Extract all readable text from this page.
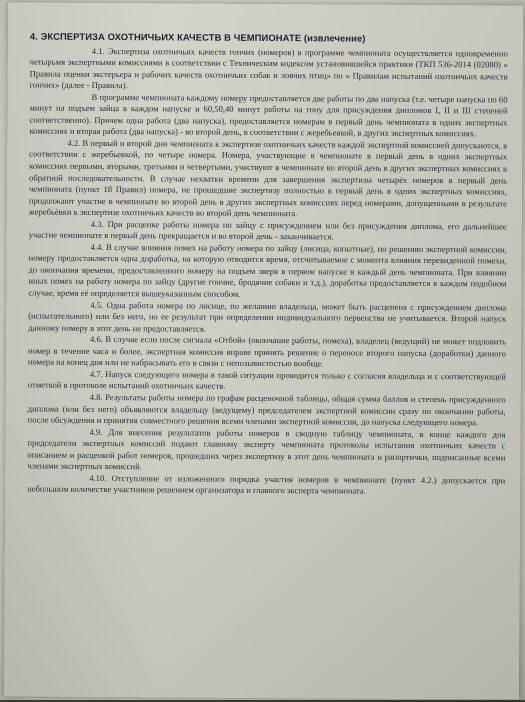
4. ЭКСПЕРТИЗА ОХОТНИЧЬИХ КАЧЕСТВ В ЧЕМПИОНАТЕ (извлечение)

4.1. Экспертиза охотничьих качеств гончих (номеров) в программе чемпионата осуществляется одновременно четырьмя экспертными комиссиями в соответствии с Техническим кодексом установившейся практики (ТКП 536-2014 (02080) « Правила оценки экстерьера и рабочих качеств охотничьих собак и ловчих птиц» по « Правилам испытаний охотничьих качеств гончих» (далее - Правила).

В программе чемпионата каждому номеру предоставляется две работы по два напуска (т.е. четыре напуска по 60 минут на подъем зайца в каждом напуске и 60,50,40 минут работы на гону для присуждения дипломов I, II и III степеней соответственно). Причем одна работа (два напуска), предоставляется номерам в первый день чемпионата в одних экспертных комиссиях и вторая работа (два напуска) - во второй день, в соответствии с жеребьевкой, в других экспертных комиссиях.

4.2. В первый и второй дни чемпионата к экспертизе охотничьих качеств каждой экспертной комиссией допускаются, в соответствии с жеребьевкой, по четыре номера. Номера, участвующие в чемпионате в первый день в одних экспертных комиссиях первыми, вторыми, третьими и четвертыми, участвуют в чемпионате во второй день в других экспертных комиссиях в обратной последовательности. В случае нехватки времени для завершения экспертизы четырёх номеров в первый день чемпионата (пункт 18 Правил) номера, не прошедшие экспертизу полностью в первый день в одних экспертных комиссиях, продолжают участие в чемпионате во второй день в других экспертных комиссиях перед номерами, допущенными в результате жеребьёвки к экспертизе охотничьих качеств во второй день чемпионата.

4.3. При расценке работы номера по зайцу с присуждением или без присуждения диплома, его дальнейшее участие чемпионате в первый день прекращается и во второй день - заканчивается.

4.4. В случае влияния помех на работу номера по зайцу (лисица, копытные), по решению экспертной комиссии, номеру предоставляется одна доработка, на которую отводится время, отсчитываемое с момента влияния перевиденной помехи, до окончания времени, предоставленного номеру на подъем зверя в первом напуске в каждый день чемпионата. При влиянии иных помех на работу номера по зайцу (другие гончие, бродячие собаки и т.д.), доработка предоставляется в каждом подобном случае, время её определяется вышеуказанным способом.

4.5. Одна работа номера по лисице, по желанию владельца, может быть расценена с присуждением диплома (испытательного) или без него, но ее результат при определении индивидуального первенства не учитывается. Второй напуск данному номеру в этот день не предоставляется.

4.6. В случае если после сигнала «Отбой» (окончание работы, помеха), владелец (ведущий) не может подловить номер в течение часа и более, экспертная комиссия вправе принять решение о переносе второго напуска (доработки) данного номера на конец дня или не набрасывать его в связи с непозывистостью вообще.

4.7. Напуск следующего номера в такой ситуации проводится только с согласия владельца и с соответствующей отметкой в протоколе испытаний охотничьих качеств.

4.8. Результаты работы номера по графам расценочной таблицы, общая сумма баллов и степень присужденного диплома (или без него) объявляются владельцу (ведущему) председателем экспертной комиссии сразу по окончании работы, после обсуждения и принятия совместного решения всеми членами экспертной комиссии, до напуска следующего номера.

4.9. Для внесения результатов работы номеров в сводную таблицу чемпионата, в конце каждого дня председатели экспертных комиссий подают главному эксперту чемпионата протоколы испытания охотничьих качеств с описанием и расценкой работ номеров, прошедших через экспертизу в этот день чемпионата и рапортички, подписанные всеми членами экспертных комиссий.

4.10. Отступление от изложенного порядка участия номеров в чемпионате (пункт 4.2.) допускается при небольшом количестве участников решением организатора и главного эксперта чемпионата.
